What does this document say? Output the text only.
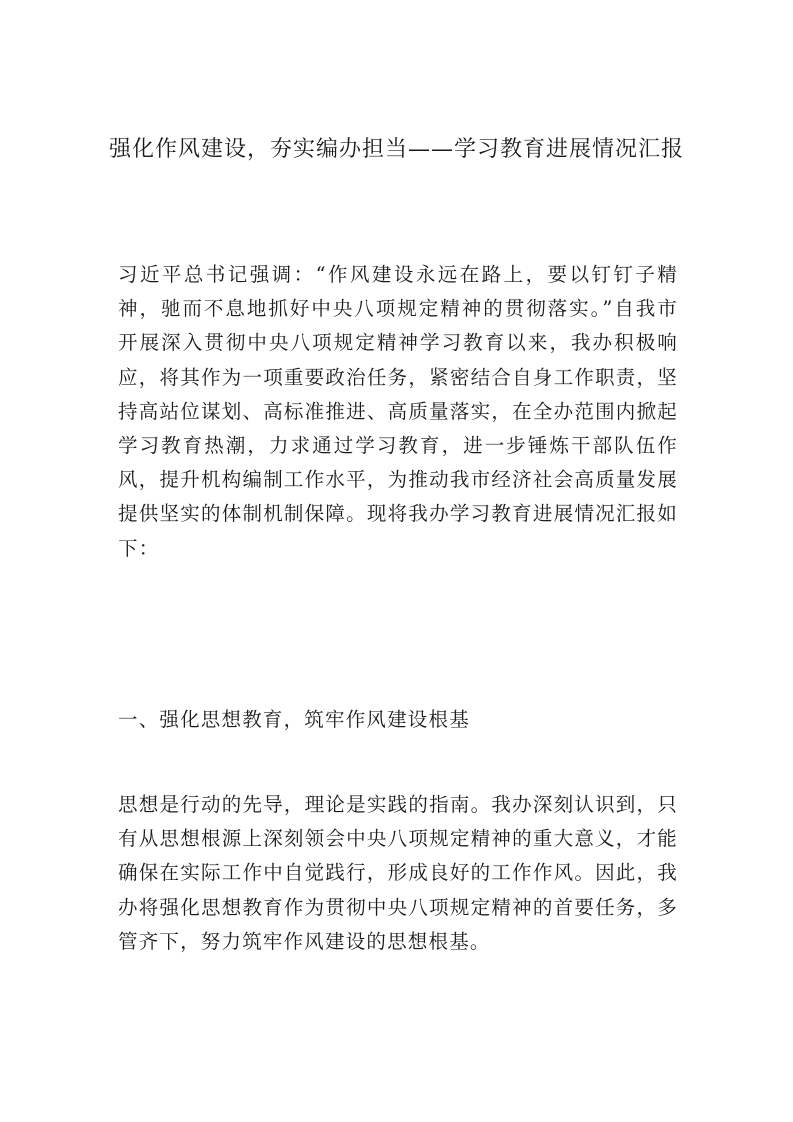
强化作风建设，夯实编办担当——学习教育进展情况汇报

习近平总书记强调：“作风建设永远在路上，要以钉钉子精神，驰而不息地抓好中央八项规定精神的贯彻落实。”自我市开展深入贯彻中央八项规定精神学习教育以来，我办积极响应，将其作为一项重要政治任务，紧密结合自身工作职责，坚持高站位谋划、高标准推进、高质量落实，在全办范围内掀起学习教育热潮，力求通过学习教育，进一步锤炼干部队伍作风，提升机构编制工作水平，为推动我市经济社会高质量发展提供坚实的体制机制保障。现将我办学习教育进展情况汇报如下：

一、强化思想教育，筑牢作风建设根基

思想是行动的先导，理论是实践的指南。我办深刻认识到，只有从思想根源上深刻领会中央八项规定精神的重大意义，才能确保在实际工作中自觉践行，形成良好的工作作风。因此，我办将强化思想教育作为贯彻中央八项规定精神的首要任务，多管齐下，努力筑牢作风建设的思想根基。
